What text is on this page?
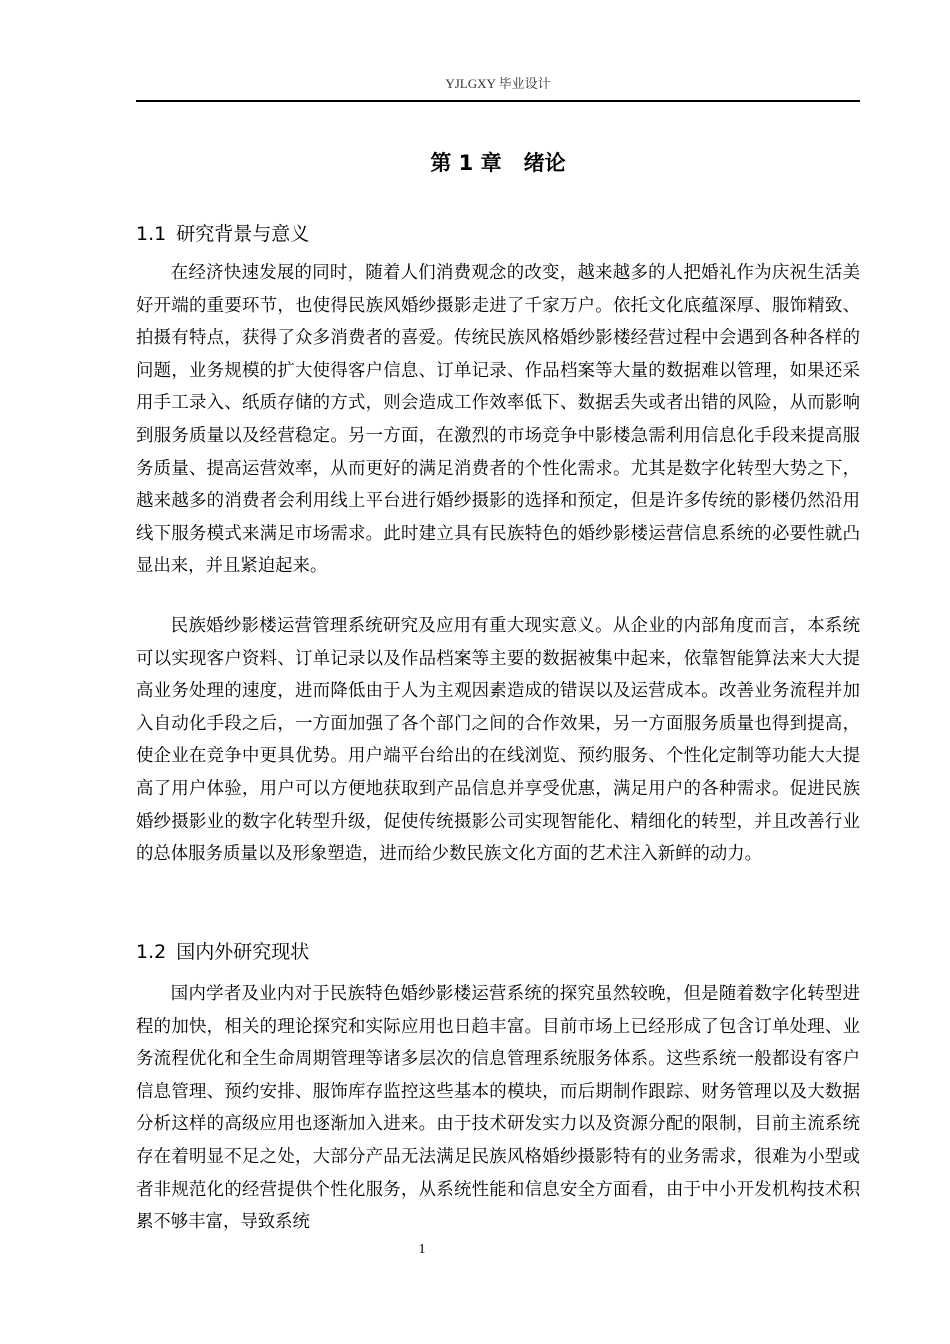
YJLGXY 毕业设计
第 1 章 绪论
1.1 研究背景与意义

在经济快速发展的同时，随着人们消费观念的改变，越来越多的人把婚礼作为庆祝生活美好开端的重要环节，也使得民族风婚纱摄影走进了千家万户。依托文化底蕴深厚、服饰精致、拍摄有特点，获得了众多消费者的喜爱。传统民族风格婚纱影楼经营过程中会遇到各种各样的问题，业务规模的扩大使得客户信息、订单记录、作品档案等大量的数据难以管理，如果还采用手工录入、纸质存储的方式，则会造成工作效率低下、数据丢失或者出错的风险，从而影响到服务质量以及经营稳定。另一方面，在激烈的市场竞争中影楼急需利用信息化手段来提高服务质量、提高运营效率，从而更好的满足消费者的个性化需求。尤其是数字化转型大势之下，越来越多的消费者会利用线上平台进行婚纱摄影的选择和预定，但是许多传统的影楼仍然沿用线下服务模式来满足市场需求。此时建立具有民族特色的婚纱影楼运营信息系统的必要性就凸显出来，并且紧迫起来。

民族婚纱影楼运营管理系统研究及应用有重大现实意义。从企业的内部角度而言，本系统可以实现客户资料、订单记录以及作品档案等主要的数据被集中起来，依靠智能算法来大大提高业务处理的速度，进而降低由于人为主观因素造成的错误以及运营成本。改善业务流程并加入自动化手段之后，一方面加强了各个部门之间的合作效果，另一方面服务质量也得到提高，使企业在竞争中更具优势。用户端平台给出的在线浏览、预约服务、个性化定制等功能大大提高了用户体验，用户可以方便地获取到产品信息并享受优惠，满足用户的各种需求。促进民族婚纱摄影业的数字化转型升级，促使传统摄影公司实现智能化、精细化的转型，并且改善行业的总体服务质量以及形象塑造，进而给少数民族文化方面的艺术注入新鲜的动力。

1.2 国内外研究现状

国内学者及业内对于民族特色婚纱影楼运营系统的探究虽然较晚，但是随着数字化转型进程的加快，相关的理论探究和实际应用也日趋丰富。目前市场上已经形成了包含订单处理、业务流程优化和全生命周期管理等诸多层次的信息管理系统服务体系。这些系统一般都设有客户信息管理、预约安排、服饰库存监控这些基本的模块，而后期制作跟踪、财务管理以及大数据分析这样的高级应用也逐渐加入进来。由于技术研发实力以及资源分配的限制，目前主流系统存在着明显不足之处，大部分产品无法满足民族风格婚纱摄影特有的业务需求，很难为小型或者非规范化的经营提供个性化服务，从系统性能和信息安全方面看，由于中小开发机构技术积累不够丰富，导致系统

1
